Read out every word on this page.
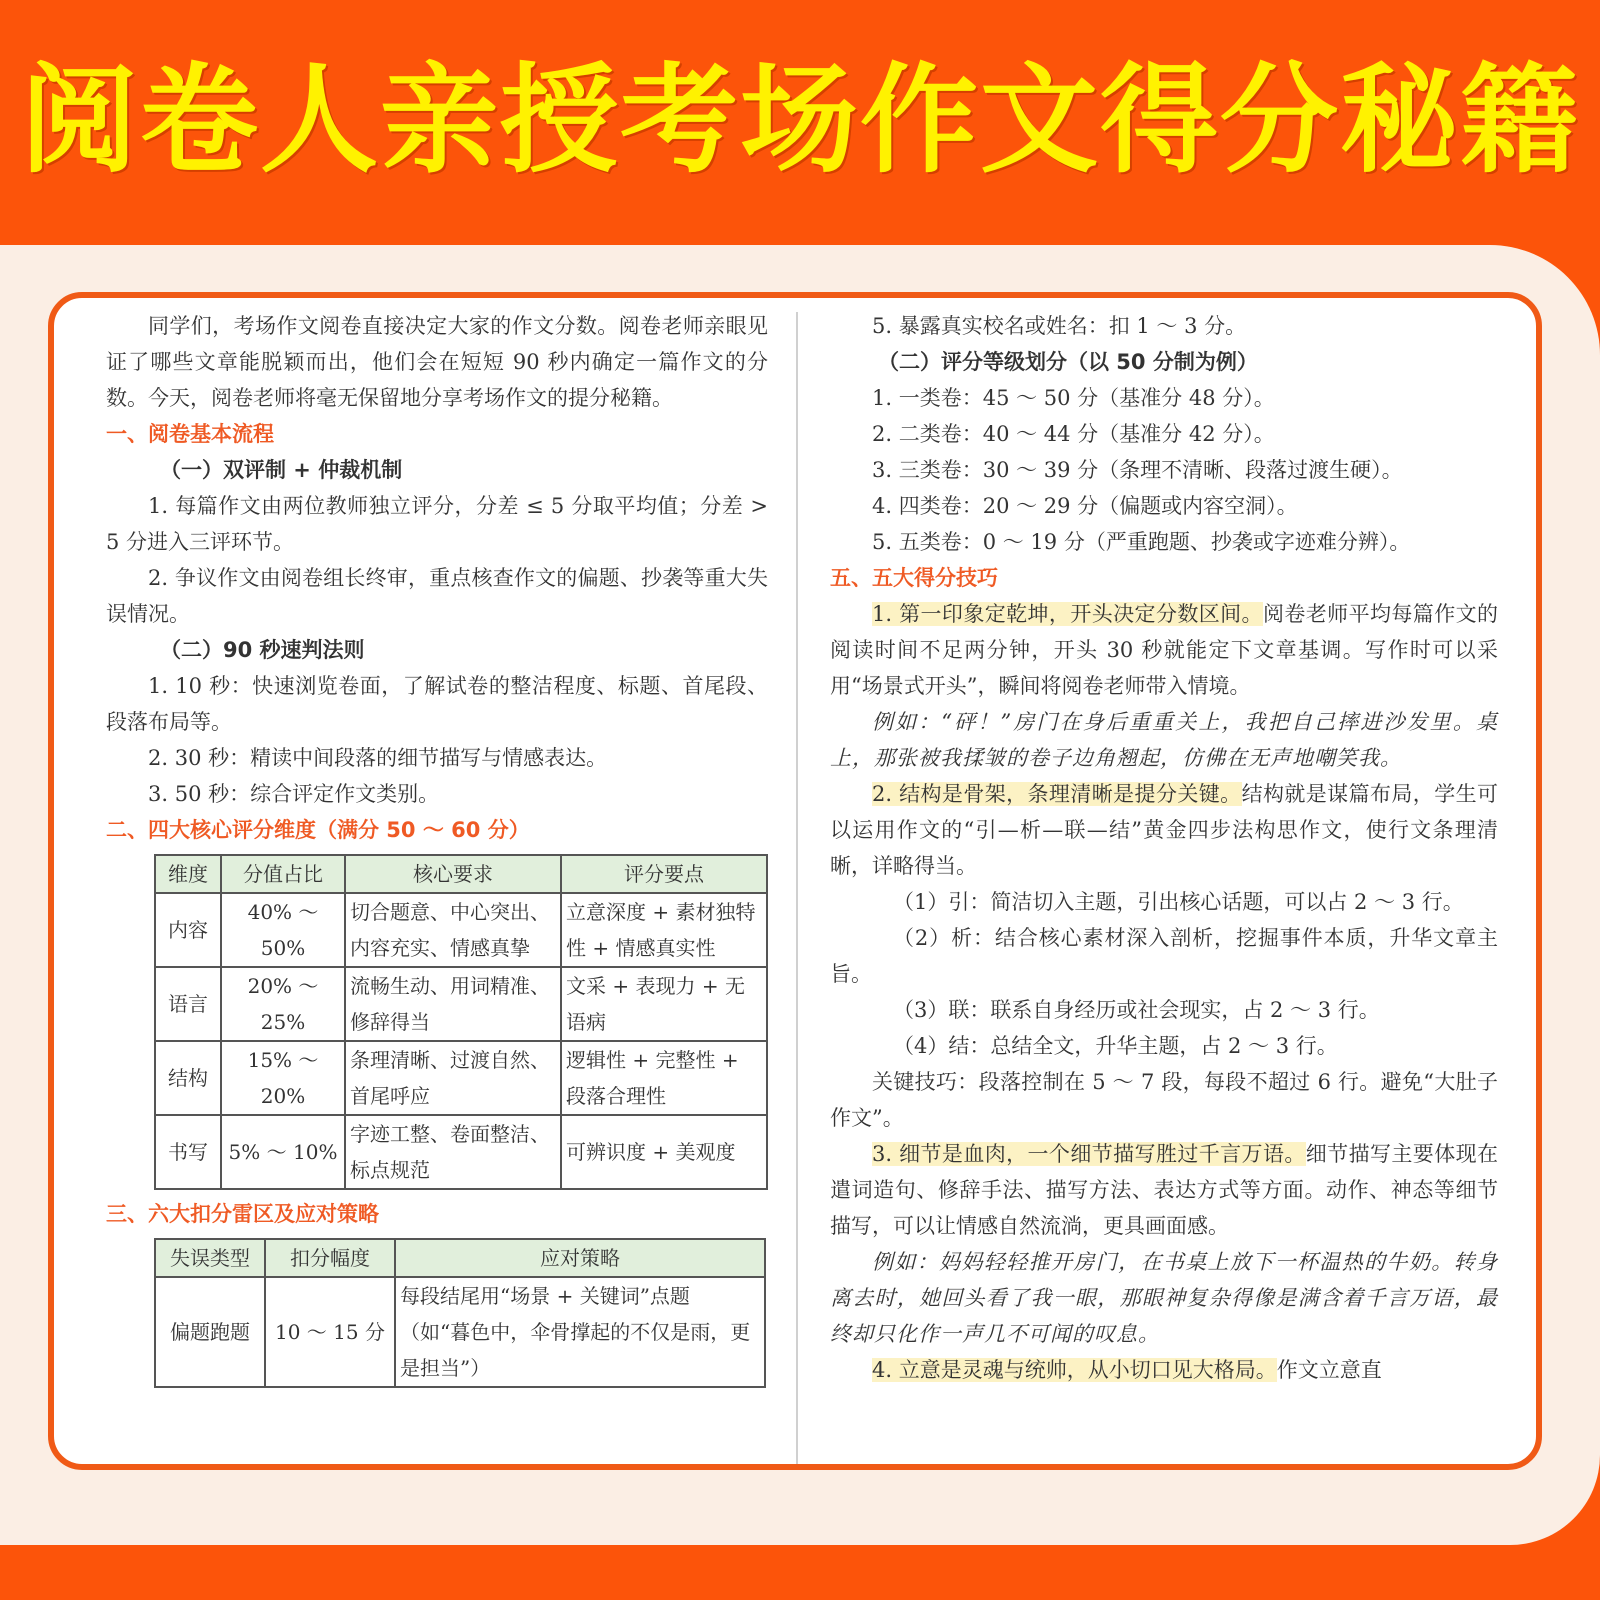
阅卷人亲授考场作文得分秘籍

同学们，考场作文阅卷直接决定大家的作文分数。阅卷老师亲眼见证了哪些文章能脱颖而出，他们会在短短 90 秒内确定一篇作文的分数。今天，阅卷老师将毫无保留地分享考场作文的提分秘籍。

一、阅卷基本流程
（一）双评制 + 仲裁机制

1. 每篇作文由两位教师独立评分，分差 ≤ 5 分取平均值；分差 > 5 分进入三评环节。

2. 争议作文由阅卷组长终审，重点核查作文的偏题、抄袭等重大失误情况。

（二）90 秒速判法则

1. 10 秒：快速浏览卷面，了解试卷的整洁程度、标题、首尾段、段落布局等。

2. 30 秒：精读中间段落的细节描写与情感表达。

3. 50 秒：综合评定作文类别。

二、四大核心评分维度（满分 50 ～ 60 分）
维度	分值占比	核心要求	评分要点
内容	40% ～ 50%	切合题意、中心突出、内容充实、情感真挚	立意深度 + 素材独特性 + 情感真实性
语言	20% ～ 25%	流畅生动、用词精准、修辞得当	文采 + 表现力 + 无语病
结构	15% ～ 20%	条理清晰、过渡自然、首尾呼应	逻辑性 + 完整性 + 段落合理性
书写	5% ～ 10%	字迹工整、卷面整洁、标点规范	可辨识度 + 美观度
三、六大扣分雷区及应对策略
失误类型	扣分幅度	应对策略
偏题跑题	10 ～ 15 分	每段结尾用“场景 + 关键词”点题（如“暮色中，伞骨撑起的不仅是雨，更是担当”）

5. 暴露真实校名或姓名：扣 1 ～ 3 分。

（二）评分等级划分（以 50 分制为例）

1. 一类卷：45 ～ 50 分（基准分 48 分）。

2. 二类卷：40 ～ 44 分（基准分 42 分）。

3. 三类卷：30 ～ 39 分（条理不清晰、段落过渡生硬）。

4. 四类卷：20 ～ 29 分（偏题或内容空洞）。

5. 五类卷：0 ～ 19 分（严重跑题、抄袭或字迹难分辨）。

五、五大得分技巧

1. 第一印象定乾坤，开头决定分数区间。阅卷老师平均每篇作文的阅读时间不足两分钟，开头 30 秒就能定下文章基调。写作时可以采用“场景式开头”，瞬间将阅卷老师带入情境。

例如：“砰！”房门在身后重重关上，我把自己摔进沙发里。桌上，那张被我揉皱的卷子边角翘起，仿佛在无声地嘲笑我。

2. 结构是骨架，条理清晰是提分关键。结构就是谋篇布局，学生可以运用作文的“引—析—联—结”黄金四步法构思作文，使行文条理清晰，详略得当。

（1）引：简洁切入主题，引出核心话题，可以占 2 ～ 3 行。

（2）析：结合核心素材深入剖析，挖掘事件本质，升华文章主旨。

（3）联：联系自身经历或社会现实，占 2 ～ 3 行。

（4）结：总结全文，升华主题，占 2 ～ 3 行。

关键技巧：段落控制在 5 ～ 7 段，每段不超过 6 行。避免“大肚子作文”。

3. 细节是血肉，一个细节描写胜过千言万语。细节描写主要体现在遣词造句、修辞手法、描写方法、表达方式等方面。动作、神态等细节描写，可以让情感自然流淌，更具画面感。

例如：妈妈轻轻推开房门，在书桌上放下一杯温热的牛奶。转身离去时，她回头看了我一眼，那眼神复杂得像是满含着千言万语，最终却只化作一声几不可闻的叹息。

4. 立意是灵魂与统帅，从小切口见大格局。作文立意直
